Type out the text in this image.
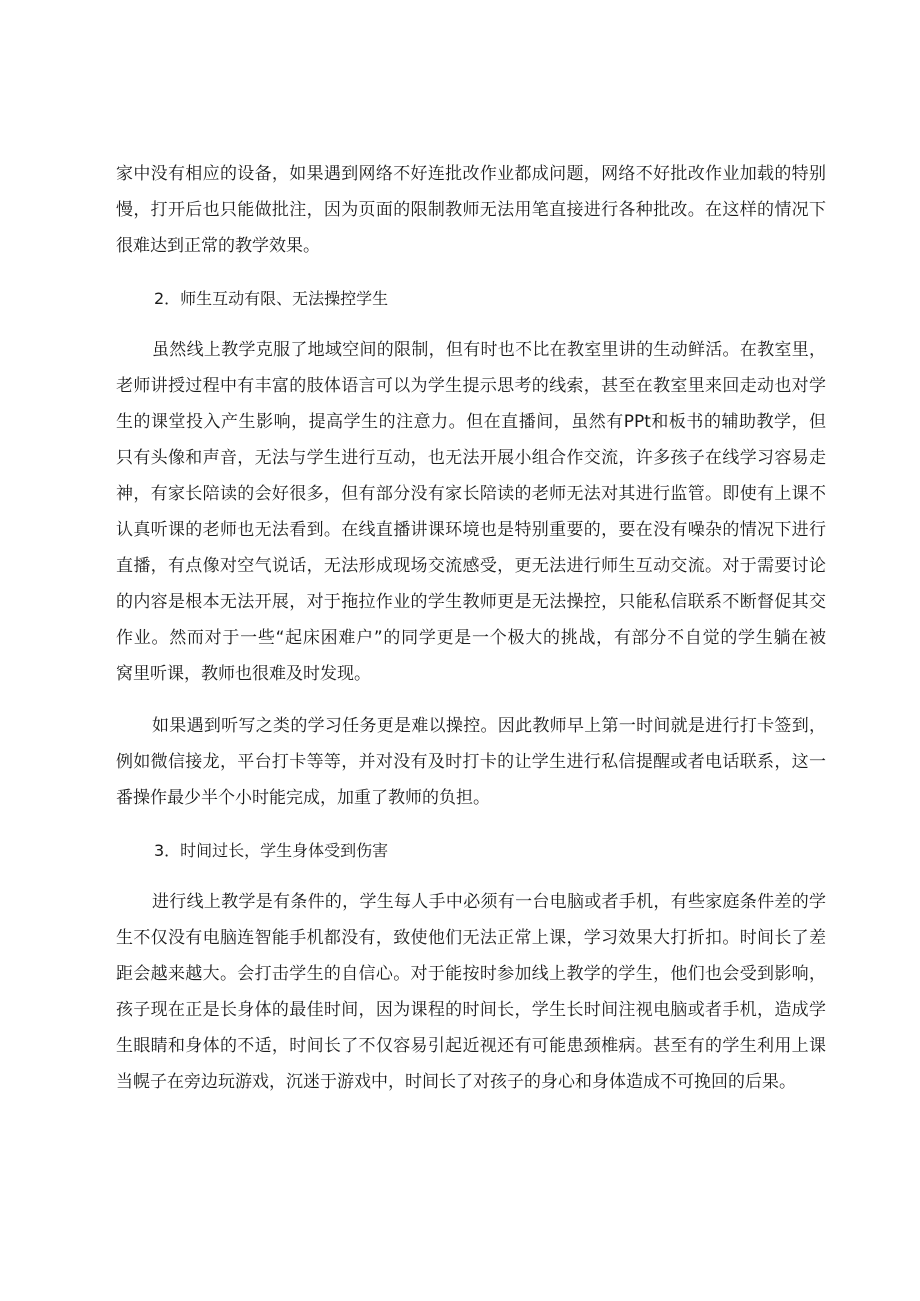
家中没有相应的设备，如果遇到网络不好连批改作业都成问题，网络不好批改作业加载的特别
慢，打开后也只能做批注，因为页面的限制教师无法用笔直接进行各种批改。在这样的情况下
很难达到正常的教学效果。
2．师生互动有限、无法操控学生
虽然线上教学克服了地域空间的限制，但有时也不比在教室里讲的生动鲜活。在教室里，
老师讲授过程中有丰富的肢体语言可以为学生提示思考的线索，甚至在教室里来回走动也对学
生的课堂投入产生影响，提高学生的注意力。但在直播间，虽然有PPt和板书的辅助教学，但
只有头像和声音，无法与学生进行互动，也无法开展小组合作交流，许多孩子在线学习容易走
神，有家长陪读的会好很多，但有部分没有家长陪读的老师无法对其进行监管。即使有上课不
认真听课的老师也无法看到。在线直播讲课环境也是特别重要的，要在没有噪杂的情况下进行
直播，有点像对空气说话，无法形成现场交流感受，更无法进行师生互动交流。对于需要讨论
的内容是根本无法开展，对于拖拉作业的学生教师更是无法操控，只能私信联系不断督促其交
作业。然而对于一些“起床困难户”的同学更是一个极大的挑战，有部分不自觉的学生躺在被
窝里听课，教师也很难及时发现。
如果遇到听写之类的学习任务更是难以操控。因此教师早上第一时间就是进行打卡签到，
例如微信接龙，平台打卡等等，并对没有及时打卡的让学生进行私信提醒或者电话联系，这一
番操作最少半个小时能完成，加重了教师的负担。
3．时间过长，学生身体受到伤害
进行线上教学是有条件的，学生每人手中必须有一台电脑或者手机，有些家庭条件差的学
生不仅没有电脑连智能手机都没有，致使他们无法正常上课，学习效果大打折扣。时间长了差
距会越来越大。会打击学生的自信心。对于能按时参加线上教学的学生，他们也会受到影响，
孩子现在正是长身体的最佳时间，因为课程的时间长，学生长时间注视电脑或者手机，造成学
生眼睛和身体的不适，时间长了不仅容易引起近视还有可能患颈椎病。甚至有的学生利用上课
当幌子在旁边玩游戏，沉迷于游戏中，时间长了对孩子的身心和身体造成不可挽回的后果。
